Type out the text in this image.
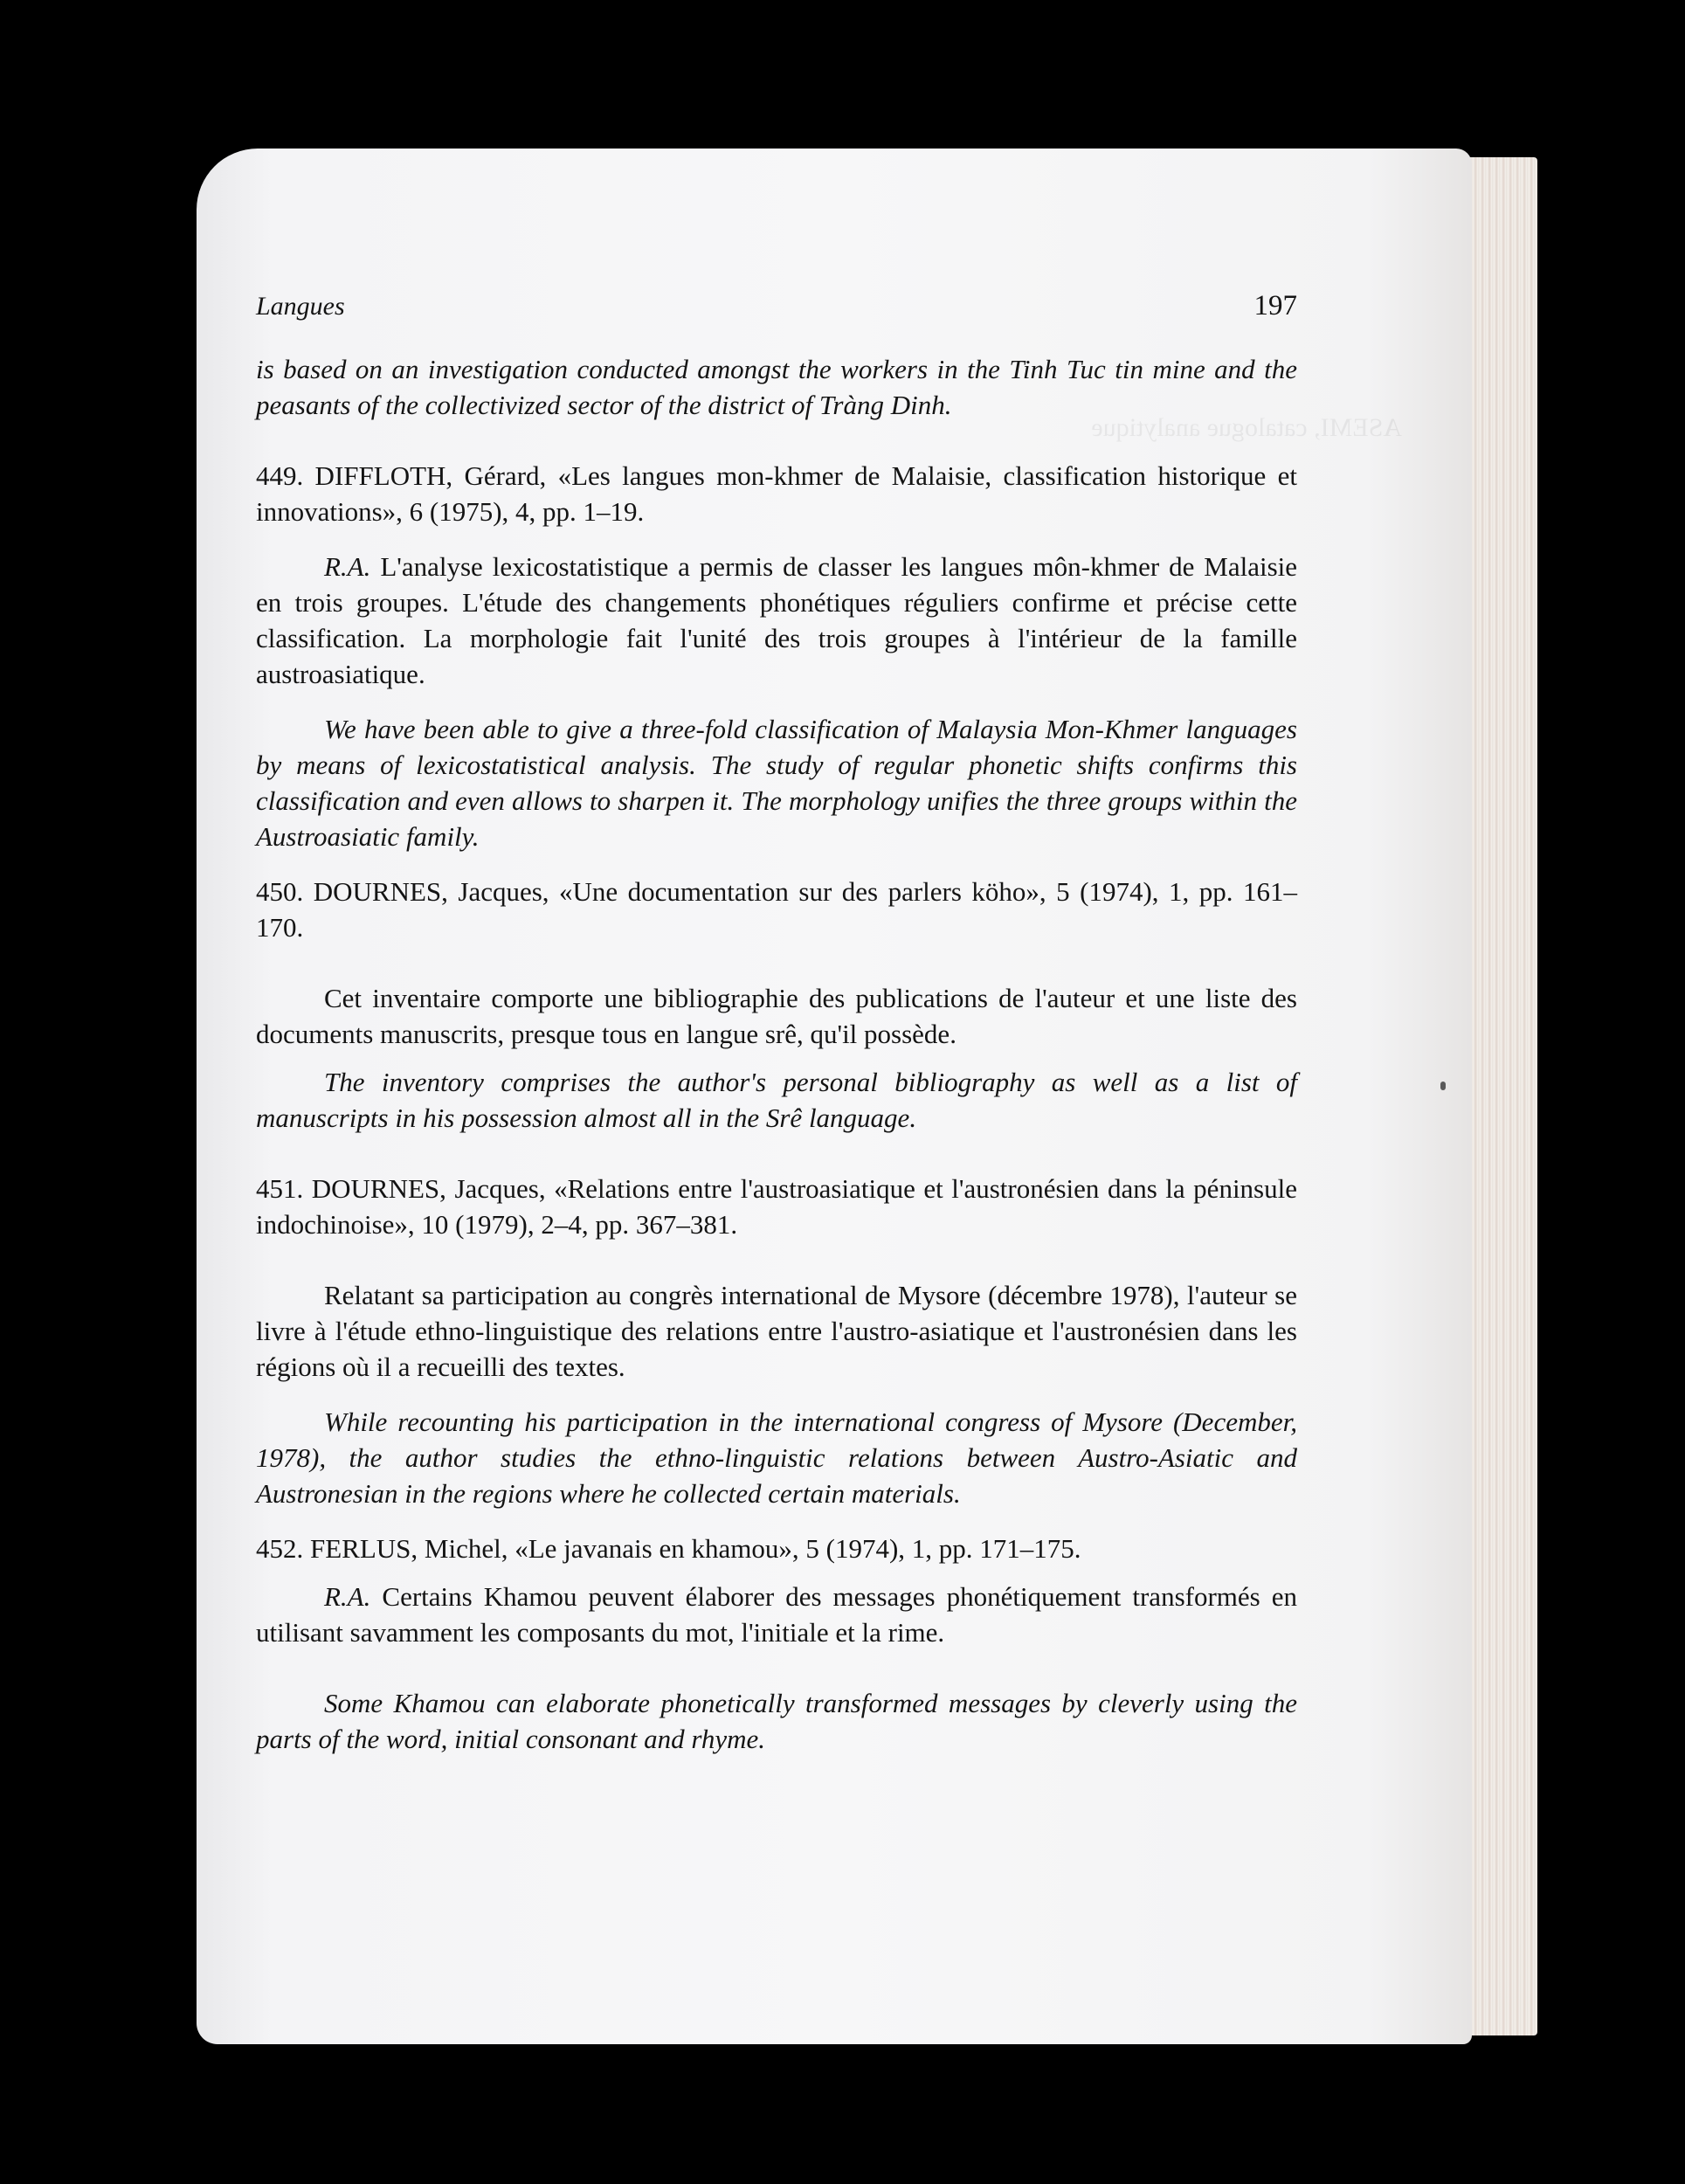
ASEMI, catalogue analytique
Langues	197

is based on an investigation conducted amongst the workers in the Tinh Tuc tin mine and the peasants of the collectivized sector of the district of Tràng Dinh.

449. DIFFLOTH, Gérard, «Les langues mon-khmer de Malaisie, classification historique et innovations», 6 (1975), 4, pp. 1–19.

R.A. L'analyse lexicostatistique a permis de classer les langues môn-khmer de Malaisie en trois groupes. L'étude des changements phonétiques réguliers confirme et précise cette classification. La morphologie fait l'unité des trois groupes à l'intérieur de la famille austroasiatique.

We have been able to give a three-fold classification of Malaysia Mon-Khmer languages by means of lexicostatistical analysis. The study of regular phonetic shifts confirms this classification and even allows to sharpen it. The morphology unifies the three groups within the Austroasiatic family.

450. DOURNES, Jacques, «Une documentation sur des parlers köho», 5 (1974), 1, pp. 161–170.

Cet inventaire comporte une bibliographie des publications de l'auteur et une liste des documents manuscrits, presque tous en langue srê, qu'il possède.

The inventory comprises the author's personal bibliography as well as a list of manuscripts in his possession almost all in the Srê language.

451. DOURNES, Jacques, «Relations entre l'austroasiatique et l'austronésien dans la péninsule indochinoise», 10 (1979), 2–4, pp. 367–381.

Relatant sa participation au congrès international de Mysore (décembre 1978), l'auteur se livre à l'étude ethno-linguistique des relations entre l'austro-asiatique et l'austronésien dans les régions où il a recueilli des textes.

While recounting his participation in the international congress of Mysore (December, 1978), the author studies the ethno-linguistic relations between Austro-Asiatic and Austronesian in the regions where he collected certain materials.

452. FERLUS, Michel, «Le javanais en khamou», 5 (1974), 1, pp. 171–175.

R.A. Certains Khamou peuvent élaborer des messages phonétiquement transformés en utilisant savamment les composants du mot, l'initiale et la rime.

Some Khamou can elaborate phonetically transformed messages by cleverly using the parts of the word, initial consonant and rhyme.
